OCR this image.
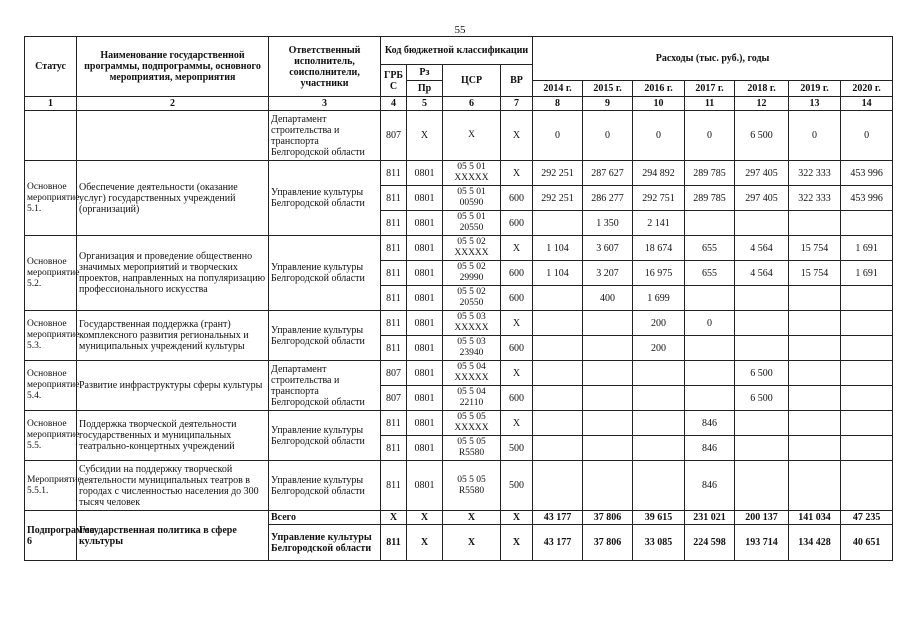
55
Статус	Наименование государственной программы, подпрограммы, основного мероприятия, мероприятия	Ответственный исполнитель, соисполнители, участники	Код бюджетной классификации				Расходы (тыс. руб.), годы						
			ГРБ С	Рз	ЦСР	ВР							
				Пр			2014 г.	2015 г.	2016 г.	2017 г.	2018 г.	2019 г.	2020 г.
1	2	3	4	5	6	7	8	9	10	11	12	13	14
		Департамент строительства и транспорта Белгородской области	807	X	X	X	0	0	0	0	6 500	0	0
Основное мероприятие 5.1.	Обеспечение деятельности (оказание услуг) государственных учреждений (организаций)	Управление культуры Белгородской области	811	0801	05 5 01 XXXXX	X	292 251	287 627	294 892	289 785	297 405	322 333	453 996
			811	0801	05 5 01 00590	600	292 251	286 277	292 751	289 785	297 405	322 333	453 996
			811	0801	05 5 01 20550	600		1 350	2 141				
Основное мероприятие 5.2.	Организация и проведение общественно значимых мероприятий и творческих проектов, направленных на популяризацию профессионального искусства	Управление культуры Белгородской области	811	0801	05 5 02 XXXXX	X	1 104	3 607	18 674	655	4 564	15 754	1 691
			811	0801	05 5 02 29990	600	1 104	3 207	16 975	655	4 564	15 754	1 691
			811	0801	05 5 02 20550	600		400	1 699				
Основное мероприятие 5.3.	Государственная поддержка (грант) комплексного развития региональных и муниципальных учреждений культуры	Управление культуры Белгородской области	811	0801	05 5 03 XXXXX	X			200	0			
			811	0801	05 5 03 23940	600			200				
Основное мероприятие 5.4.	Развитие инфраструктуры сферы культуры	Департамент строительства и транспорта Белгородской области	807	0801	05 5 04 XXXXX	X					6 500		
			807	0801	05 5 04 22110	600					6 500		
Основное мероприятие 5.5.	Поддержка творческой деятельности государственных и муниципальных театрально-концертных учреждений	Управление культуры Белгородской области	811	0801	05 5 05 XXXXX	X				846			
			811	0801	05 5 05 R5580	500				846			
Мероприятие 5.5.1.	Субсидии на поддержку творческой деятельности муниципальных театров в городах с численностью населения до 300 тысяч человек	Управление культуры Белгородской области	811	0801	05 5 05 R5580	500				846			
Подпрограмма 6	Государственная политика в сфере культуры	Всего	X	X	X	X	43 177	37 806	39 615	231 021	200 137	141 034	47 235
		Управление культуры Белгородской области	811	X	X	X	43 177	37 806	33 085	224 598	193 714	134 428	40 651
